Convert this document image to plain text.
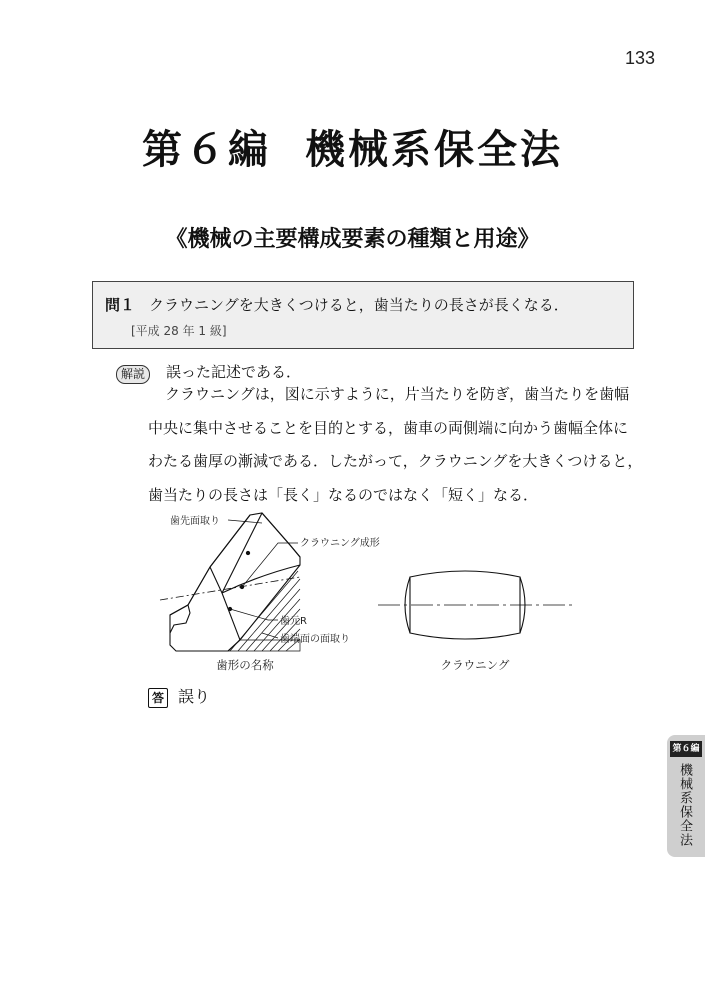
133
第６編 機械系保全法
《機械の主要構成要素の種類と用途》
問１ クラウニングを大きくつけると，歯当たりの長さが長くなる．
[平成 28 年 1 級]
解説	誤った記述である．

クラウニングは，図に示すように，片当たりを防ぎ，歯当たりを歯幅
中央に集中させることを目的とする，歯車の両側端に向かう歯幅全体に
わたる歯厚の漸減である．したがって，クラウニングを大きくつけると，
歯当たりの長さは「長く」なるのではなく「短く」なる．

歯先面取り
クラウニング成形
歯元R
歯端面の面取り
歯形の名称	クラウニング
答 誤り
第６編
機械系保全法
